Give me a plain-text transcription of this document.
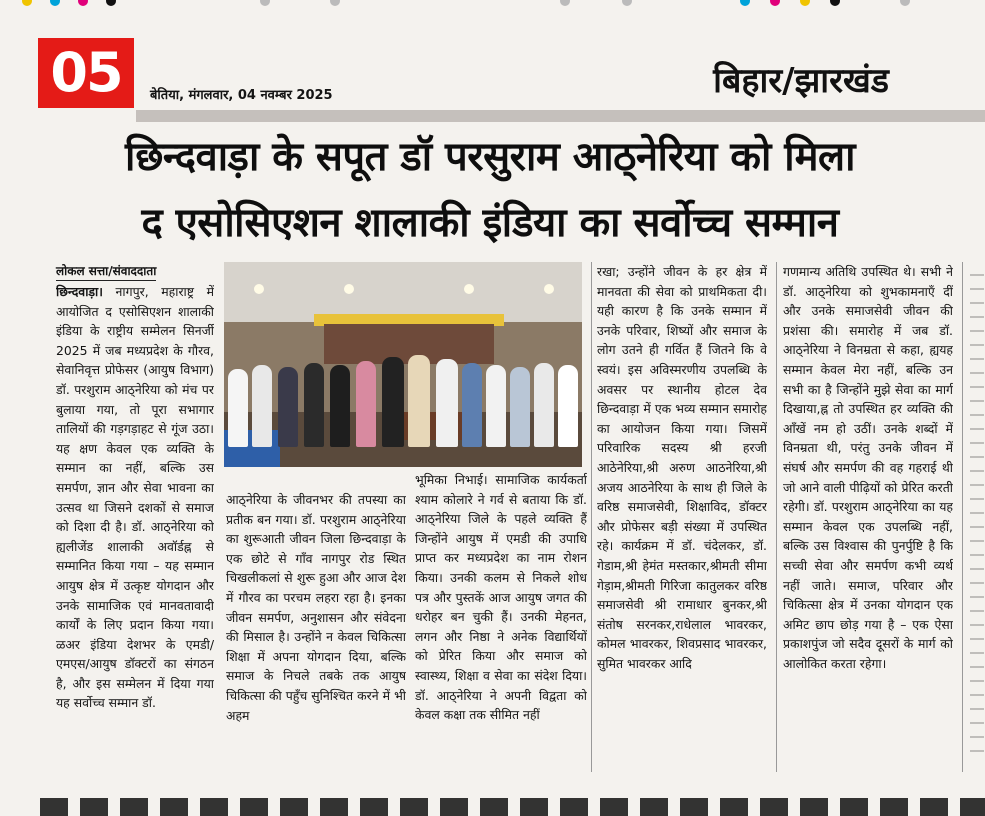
05	बेतिया, मंगलवार, 04 नवम्बर 2025	बिहार/झारखंड
छिन्दवाड़ा के सपूत डॉ परसुराम आठ्नेरिया को मिला
द एसोसिएशन शालाकी इंडिया का सर्वोच्च सम्मान
लोकल सत्ता/संवाददाता

छिन्दवाड़ा। नागपुर, महाराष्ट्र में आयोजित द एसोसिएशन शालाकी इंडिया के राष्ट्रीय सम्मेलन सिनर्जी 2025 में जब मध्यप्रदेश के गौरव, सेवानिवृत्त प्रोफेसर (आयुष विभाग) डॉ. परशुराम आठ्नेरिया को मंच पर बुलाया गया, तो पूरा सभागार तालियों की गड़गड़ाहट से गूंज उठा। यह क्षण केवल एक व्यक्ति के सम्मान का नहीं, बल्कि उस समर्पण, ज्ञान और सेवा भावना का उत्सव था जिसने दशकों से समाज को दिशा दी है। डॉ. आठ्नेरिया को ह्यलीजेंड शालाकी अवॉर्डह्न से सम्मानित किया गया – यह सम्मान आयुष क्षेत्र में उत्कृष्ट योगदान और उनके सामाजिक एवं मानवतावादी कार्यों के लिए प्रदान किया गया। ळअर इंडिया देशभर के एमडी/एमएस/आयुष डॉक्टरों का संगठन है, और इस सम्मेलन में दिया गया यह सर्वोच्च सम्मान डॉ.

आठ्नेरिया के जीवनभर की तपस्या का प्रतीक बन गया। डॉ. परशुराम आठ्नेरिया का शुरूआती जीवन जिला छिन्दवाड़ा के एक छोटे से गाँव नागपुर रोड स्थित चिखलीकलां से शुरू हुआ और आज देश में गौरव का परचम लहरा रहा है। इनका जीवन समर्पण, अनुशासन और संवेदना की मिसाल है। उन्होंने न केवल चिकित्सा शिक्षा में अपना योगदान दिया, बल्कि समाज के निचले तबके तक आयुष चिकित्सा की पहुँच सुनिश्चित करने में भी अहम

भूमिका निभाई। सामाजिक कार्यकर्ता श्याम कोलारे ने गर्व से बताया कि डॉ. आठ्नेरिया जिले के पहले व्यक्ति हैं जिन्होंने आयुष में एमडी की उपाधि प्राप्त कर मध्यप्रदेश का नाम रोशन किया। उनकी कलम से निकले शोध पत्र और पुस्तकें आज आयुष जगत की धरोहर बन चुकी हैं। उनकी मेहनत, लगन और निष्ठा ने अनेक विद्यार्थियों को प्रेरित किया और समाज को स्वास्थ्य, शिक्षा व सेवा का संदेश दिया। डॉ. आठ्नेरिया ने अपनी विद्वता को केवल कक्षा तक सीमित नहीं

रखा; उन्होंने जीवन के हर क्षेत्र में मानवता की सेवा को प्राथमिकता दी। यही कारण है कि उनके सम्मान में उनके परिवार, शिष्यों और समाज के लोग उतने ही गर्वित हैं जितने कि वे स्वयं। इस अविस्मरणीय उपलब्धि के अवसर पर स्थानीय होटल देव छिन्दवाड़ा में एक भव्य सम्मान समारोह का आयोजन किया गया। जिसमें परिवारिक सदस्य श्री हरजी आठेनेरिया,श्री अरुण आठनेरिया,श्री अजय आठनेरिया के साथ ही जिले के वरिष्ठ समाजसेवी, शिक्षाविद, डॉक्टर और प्रोफेसर बड़ी संख्या में उपस्थित रहे। कार्यक्रम में डॉ. चंदेलकर, डॉ. गेडाम,श्री हेमंत मस्तकार,श्रीमती सीमा गेड़ाम,श्रीमती गिरिजा कातुलकर वरिष्ठ समाजसेवी श्री रामाधार बुनकर,श्री संतोष सरनकर,राधेलाल भावरकर, कोमल भावरकर, शिवप्रसाद भावरकर, सुमित भावरकर आदि

गणमान्य अतिथि उपस्थित थे। सभी ने डॉ. आठ्नेरिया को शुभकामनाएँ दीं और उनके समाजसेवी जीवन की प्रशंसा की। समारोह में जब डॉ. आठ्नेरिया ने विनम्रता से कहा, ह्ययह सम्मान केवल मेरा नहीं, बल्कि उन सभी का है जिन्होंने मुझे सेवा का मार्ग दिखाया,ह्न तो उपस्थित हर व्यक्ति की आँखें नम हो उठीं। उनके शब्दों में विनम्रता थी, परंतु उनके जीवन में संघर्ष और समर्पण की वह गहराई थी जो आने वाली पीढ़ियों को प्रेरित करती रहेगी। डॉ. परशुराम आठ्नेरिया का यह सम्मान केवल एक उपलब्धि नहीं, बल्कि उस विश्वास की पुनर्पुष्टि है कि सच्ची सेवा और समर्पण कभी व्यर्थ नहीं जाते। समाज, परिवार और चिकित्सा क्षेत्र में उनका योगदान एक अमिट छाप छोड़ गया है – एक ऐसा प्रकाशपुंज जो सदैव दूसरों के मार्ग को आलोकित करता रहेगा।
